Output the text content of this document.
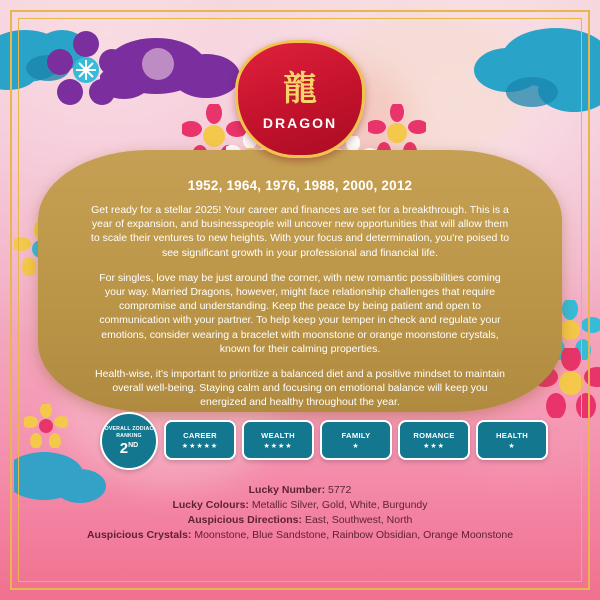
龍
DRAGON
1952, 1964, 1976, 1988, 2000, 2012

Get ready for a stellar 2025! Your career and finances are set for a breakthrough. This is a year of expansion, and businesspeople will uncover new opportunities that will allow them to scale their ventures to new heights. With your focus and determination, you're poised to see significant growth in your professional and financial life.

For singles, love may be just around the corner, with new romantic possibilities coming your way. Married Dragons, however, might face relationship challenges that require compromise and understanding. Keep the peace by being patient and open to communication with your partner. To help keep your temper in check and regulate your emotions, consider wearing a bracelet with moonstone or orange moonstone crystals, known for their calming properties.

Health-wise, it's important to prioritize a balanced diet and a positive mindset to maintain overall well-being. Staying calm and focusing on emotional balance will keep you energized and healthy throughout the year.

OVERALL ZODIAC RANKING
2ND
CAREER
★★★★★
WEALTH
★★★★
FAMILY
★
ROMANCE
★★★
HEALTH
★
Lucky Number: 5772
Lucky Colours: Metallic Silver, Gold, White, Burgundy
Auspicious Directions: East, Southwest, North
Auspicious Crystals: Moonstone, Blue Sandstone, Rainbow Obsidian, Orange Moonstone
